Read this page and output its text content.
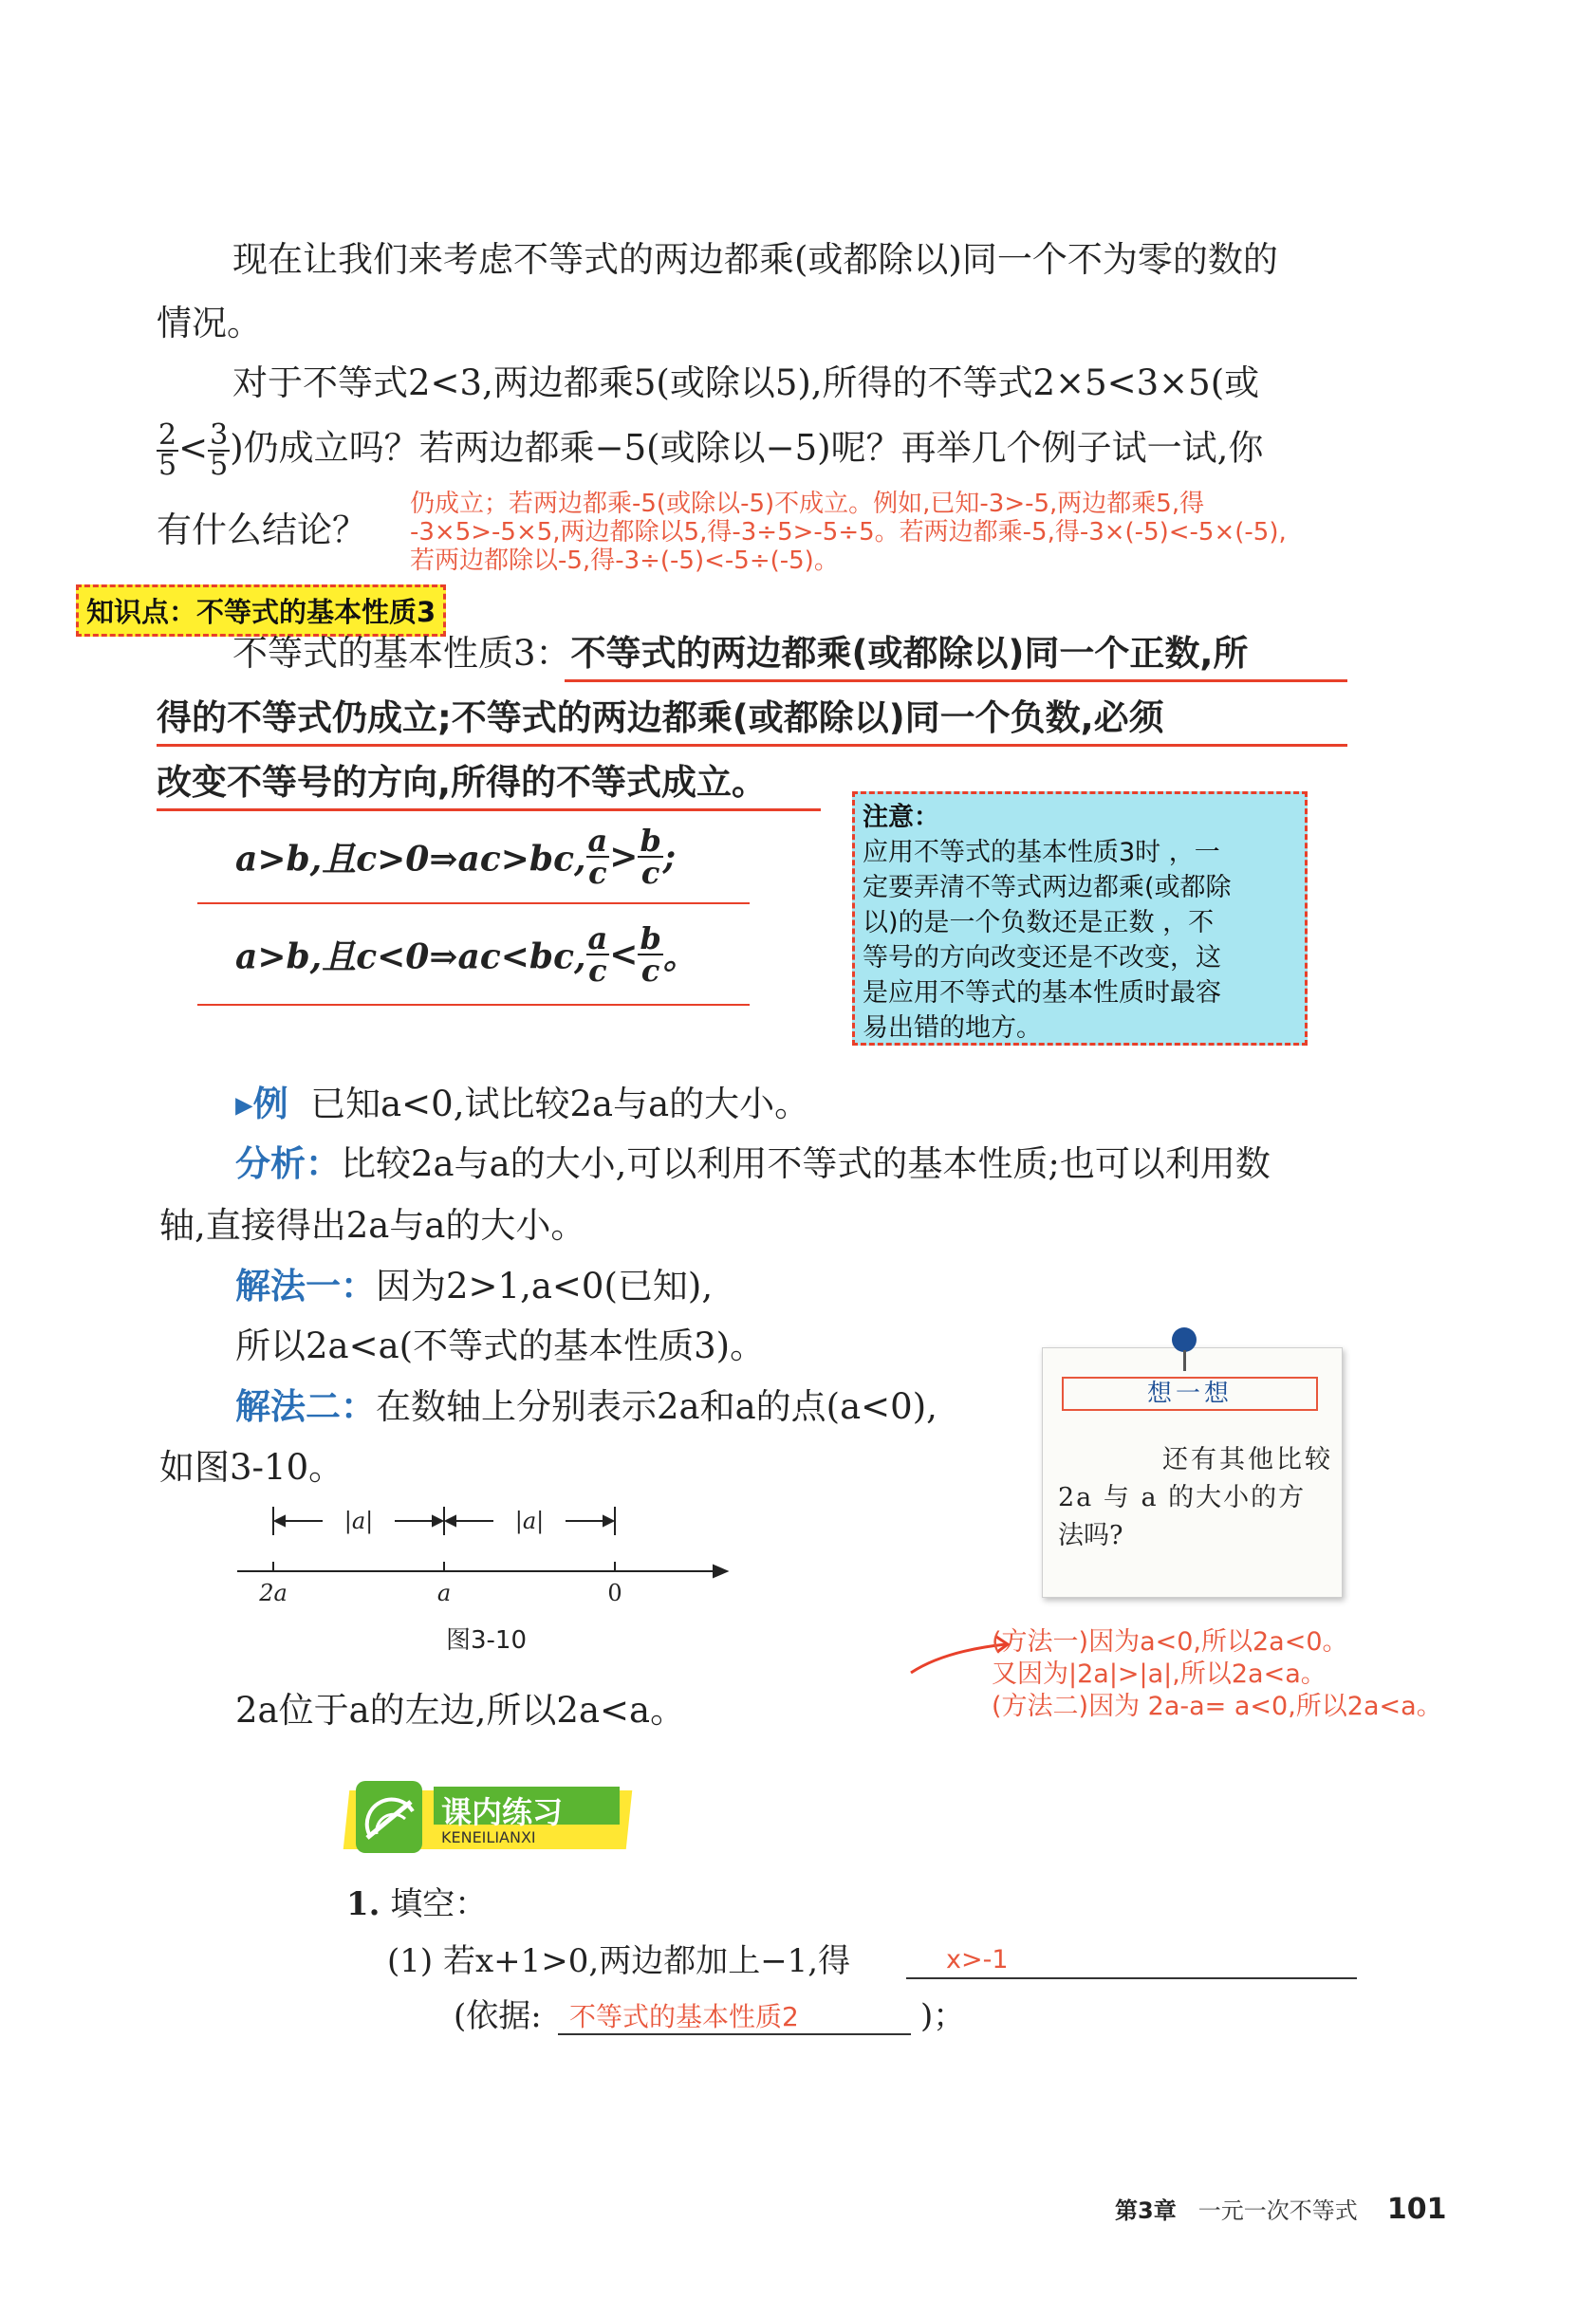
现在让我们来考虑不等式的两边都乘(或都除以)同一个不为零的数的
情况。
对于不等式2<3,两边都乘5(或除以5),所得的不等式2×5<3×5(或
$\frac{2}{5} < \frac{3}{5}$ )仍成立吗？若两边都乘−5(或除以−5)呢？再举几个例子试一试,你
有什么结论？
仍成立；若两边都乘-5(或除以-5)不成立。例如,已知-3>-5,两边都乘5,得
-3×5>-5×5,两边都除以5,得-3÷5>-5÷5。若两边都乘-5,得-3×(-5)<-5×(-5),
若两边都除以-5,得-3÷(-5)<-5÷(-5)。
知识点：不等式的基本性质3
不等式的基本性质3：不等式的两边都乘(或都除以)同一个正数,所
得的不等式仍成立;不等式的两边都乘(或都除以)同一个负数,必须
改变不等号的方向,所得的不等式成立。
a>b,且c>0⇒ac>bc, $\frac{a}{c} > \frac{b}{c}$ ;
a>b,且c<0⇒ac<bc, $\frac{a}{c} < \frac{b}{c}$ 。
注意：
应用不等式的基本性质3时 ，一
定要弄清不等式两边都乘(或都除
以)的是一个负数还是正数 ，不
等号的方向改变还是不改变，这
是应用不等式的基本性质时最容
易出错的地方。
▸例 已知a<0,试比较2a与a的大小。
分析：比较2a与a的大小,可以利用不等式的基本性质;也可以利用数
轴,直接得出2a与a的大小。
解法一：因为2>1,a<0(已知),
所以2a<a(不等式的基本性质3)。
解法二：在数轴上分别表示2a和a的点(a<0),
如图3-10。
|a|	|a|
2a	a	0
图3-10
2a位于a的左边,所以2a<a。
想一想
还有其他比较
2a 与 a 的大小的方
法吗?
(方法一)因为a<0,所以2a<0。
又因为|2a|>|a|,所以2a<a。
(方法二)因为 2a-a= a<0,所以2a<a。
课内练习
KENEILIANXI
1. 填空：
(1) 若x+1>0,两边都加上−1,得	x>-1
(依据: 不等式的基本性质2	)；
第3章 一元一次不等式 101
